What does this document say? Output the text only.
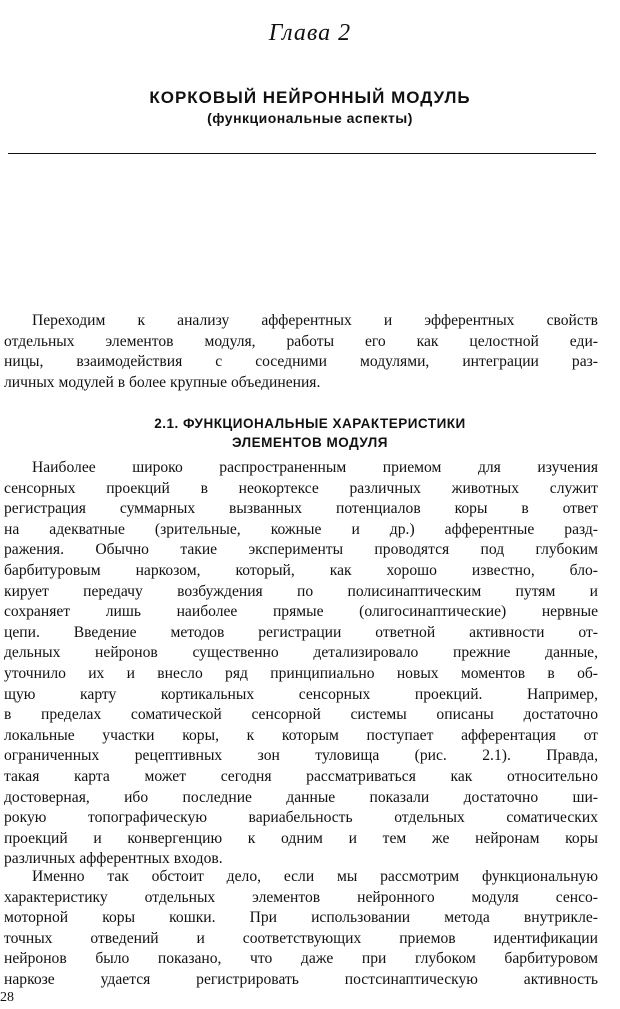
Глава 2
КОРКОВЫЙ НЕЙРОННЫЙ МОДУЛЬ
(функциональные аспекты)
Переходим к анализу афферентных и эфферентных свойств
отдельных элементов модуля, работы его как целостной еди-
ницы, взаимодействия с соседними модулями, интеграции раз-
личных модулей в более крупные объединения.
2.1. ФУНКЦИОНАЛЬНЫЕ ХАРАКТЕРИСТИКИ
ЭЛЕМЕНТОВ МОДУЛЯ
Наиболее широко распространенным приемом для изучения
сенсорных проекций в неокортексе различных животных служит
регистрация суммарных вызванных потенциалов коры в ответ
на адекватные (зрительные, кожные и др.) афферентные разд-
ражения. Обычно такие эксперименты проводятся под глубоким
барбитуровым наркозом, который, как хорошо известно, бло-
кирует передачу возбуждения по полисинаптическим путям и
сохраняет лишь наиболее прямые (олигосинаптические) нервные
цепи. Введение методов регистрации ответной активности от-
дельных нейронов существенно детализировало прежние данные,
уточнило их и внесло ряд принципиально новых моментов в об-
щую карту кортикальных сенсорных проекций. Например,
в пределах соматической сенсорной системы описаны достаточно
локальные участки коры, к которым поступает афферентация от
ограниченных рецептивных зон туловища (рис. 2.1). Правда,
такая карта может сегодня рассматриваться как относительно
достоверная, ибо последние данные показали достаточно ши-
рокую топографическую вариабельность отдельных соматических
проекций и конвергенцию к одним и тем же нейронам коры
различных афферентных входов.
Именно так обстоит дело, если мы рассмотрим функциональную
характеристику отдельных элементов нейронного модуля сенсо-
моторной коры кошки. При использовании метода внутрикле-
точных отведений и соответствующих приемов идентификации
нейронов было показано, что даже при глубоком барбитуровом
наркозе удается регистрировать постсинаптическую активность
28
